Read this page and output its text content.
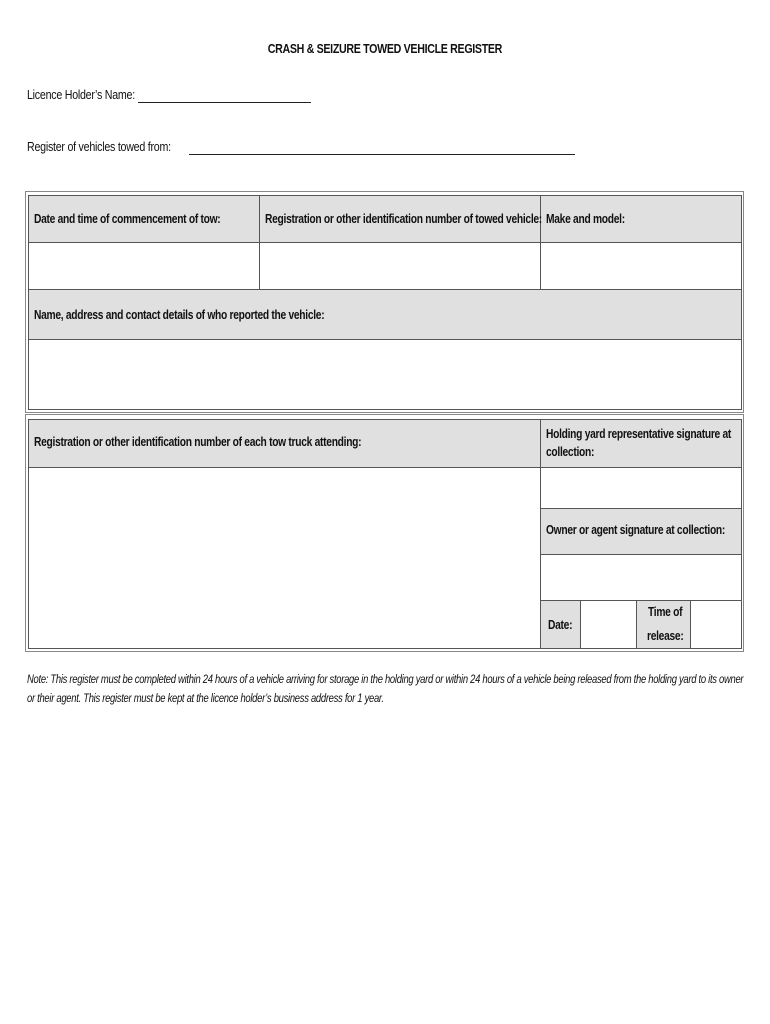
CRASH & SEIZURE TOWED VEHICLE REGISTER
Licence Holder’s Name:
Register of vehicles towed from:
Date and time of commencement of tow:	Registration or other identification number of towed vehicle: Make and model:
Name, address and contact details of who reported the vehicle:
Registration or other identification number of each tow truck attending:
Holding yard representative signature at collection:
Owner or agent signature at collection:
Date:
Time of
release:
Note: This register must be completed within 24 hours of a vehicle arriving for storage in the holding yard or within 24 hours of a vehicle being released from the holding yard to its owner or their agent. This register must be kept at the licence holder’s business address for 1 year.
